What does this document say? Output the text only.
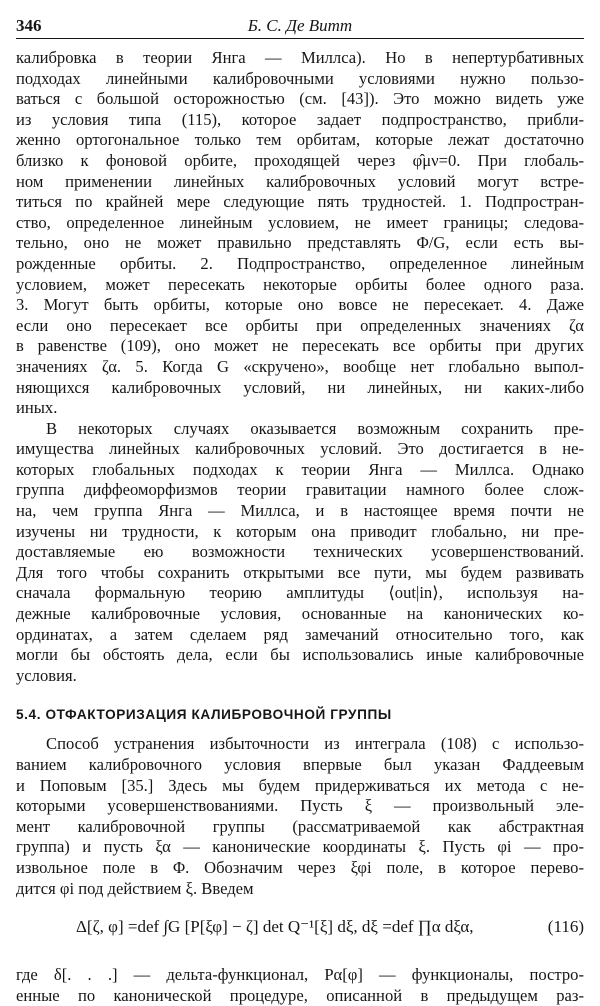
346	Б. С. Де Витт
калибровка в теории Янга — Миллса). Но в непертурбативных
подходах линейными калибровочными условиями нужно пользо-
ваться с большой осторожностью (см. [43]). Это можно видеть уже
из условия типа (115), которое задает подпространство, прибли-
женно ортогональное только тем орбитам, которые лежат достаточно
близко к фоновой орбите, проходящей через φ̂μν=0. При глобаль-
ном применении линейных калибровочных условий могут встре-
титься по крайней мере следующие пять трудностей. 1. Подпростран-
ство, определенное линейным условием, не имеет границы; следова-
тельно, оно не может правильно представлять Φ/G, если есть вы-
рожденные орбиты. 2. Подпространство, определенное линейным
условием, может пересекать некоторые орбиты более одного раза.
3. Могут быть орбиты, которые оно вовсе не пересекает. 4. Даже
если оно пересекает все орбиты при определенных значениях ζα
в равенстве (109), оно может не пересекать все орбиты при других
значениях ζα. 5. Когда G «скручено», вообще нет глобально выпол-
няющихся калибровочных условий, ни линейных, ни каких-либо
иных.
В некоторых случаях оказывается возможным сохранить пре-
имущества линейных калибровочных условий. Это достигается в не-
которых глобальных подходах к теории Янга — Миллса. Однако
группа диффеоморфизмов теории гравитации намного более слож-
на, чем группа Янга — Миллса, и в настоящее время почти не
изучены ни трудности, к которым она приводит глобально, ни пре-
доставляемые ею возможности технических усовершенствований.
Для того чтобы сохранить открытыми все пути, мы будем развивать
сначала формальную теорию амплитуды ⟨out|in⟩, используя на-
дежные калибровочные условия, основанные на канонических ко-
ординатах, а затем сделаем ряд замечаний относительно того, как
могли бы обстоять дела, если бы использовались иные калибровочные
условия.
5.4. ОТФАКТОРИЗАЦИЯ КАЛИБРОВОЧНОЙ ГРУППЫ
Способ устранения избыточности из интеграла (108) с использо-
ванием калибровочного условия впервые был указан Фаддеевым
и Поповым [35.] Здесь мы будем придерживаться их метода с не-
которыми усовершенствованиями. Пусть ξ — произвольный эле-
мент калибровочной группы (рассматриваемой как абстрактная
группа) и пусть ξα — канонические координаты ξ. Пусть φi — про-
извольное поле в Φ. Обозначим через ξφi поле, в которое перево-
дится φi под действием ξ. Введем
Δ[ζ, φ] =def ∫G [P[ξφ] − ζ] det Q⁻¹[ξ] dξ, dξ =def ∏α dξα,	(116)
где δ[. . .] — дельта-функционал, Pα[φ] — функционалы, постро-
енные по канонической процедуре, описанной в предыдущем раз-
